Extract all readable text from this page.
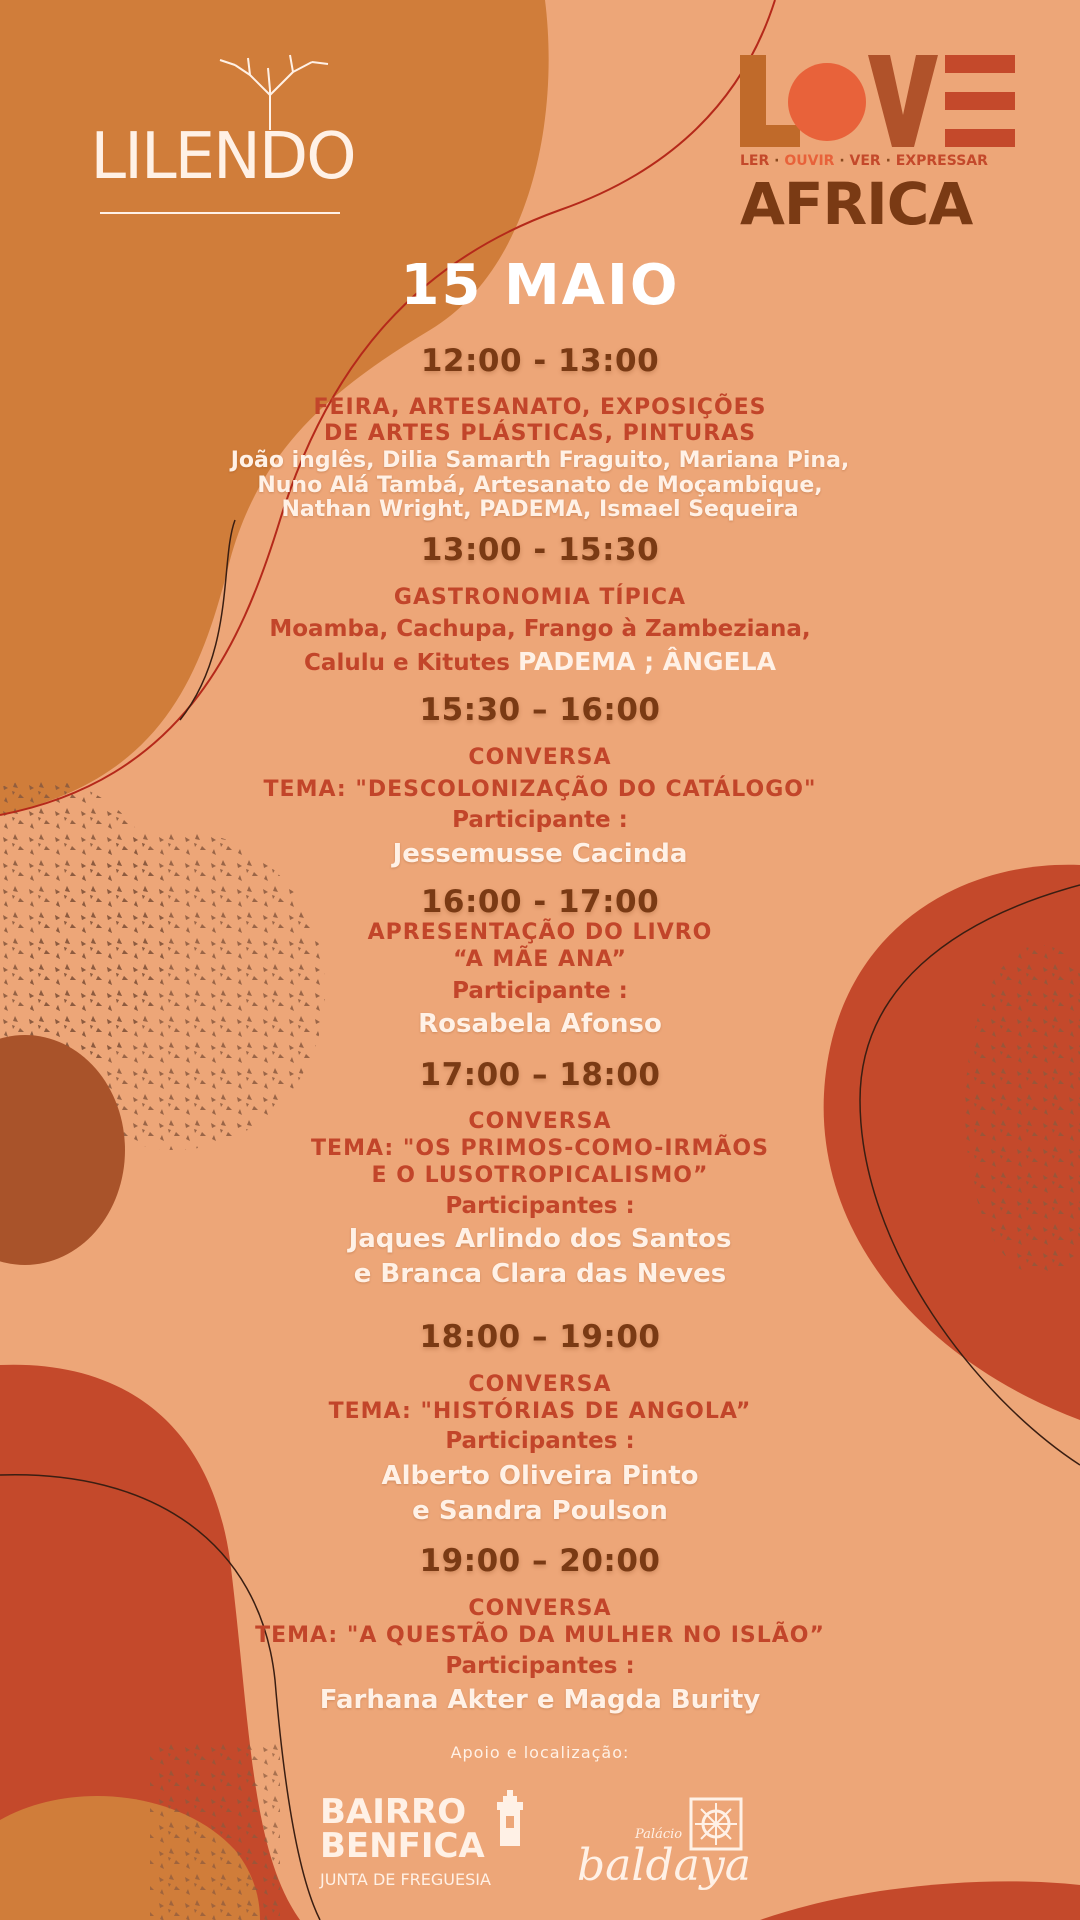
LILENDO	LER · OUVIR · VER · EXPRESSAR
AFRICA
15 MAIO
12:00 - 13:00
FEIRA, ARTESANATO, EXPOSIÇÕES
DE ARTES PLÁSTICAS, PINTURAS
João inglês, Dilia Samarth Fraguito, Mariana Pina,
Nuno Alá Tambá, Artesanato de Moçambique,
Nathan Wright, PADEMA, Ismael Sequeira
13:00 - 15:30
GASTRONOMIA TÍPICA
Moamba, Cachupa, Frango à Zambeziana,
Calulu e Kitutes PADEMA ; ÂNGELA
15:30 – 16:00
CONVERSA
TEMA: "DESCOLONIZAÇÃO DO CATÁLOGO"
Participante :
Jessemusse Cacinda
16:00 - 17:00
APRESENTAÇÃO DO LIVRO
“A MÃE ANA”
Participante :
Rosabela Afonso
17:00 – 18:00
CONVERSA
TEMA: "OS PRIMOS-COMO-IRMÃOS
E O LUSOTROPICALISMO”
Participantes :
Jaques Arlindo dos Santos
e Branca Clara das Neves
18:00 – 19:00
CONVERSA
TEMA: "HISTÓRIAS DE ANGOLA”
Participantes :
Alberto Oliveira Pinto
e Sandra Poulson
19:00 – 20:00
CONVERSA
TEMA: "A QUESTÃO DA MULHER NO ISLÃO”
Participantes :
Farhana Akter e Magda Burity
Apoio e localização:
BAIRRO
BENFICA
JUNTA DE FREGUESIA
Palácio
baldaya
